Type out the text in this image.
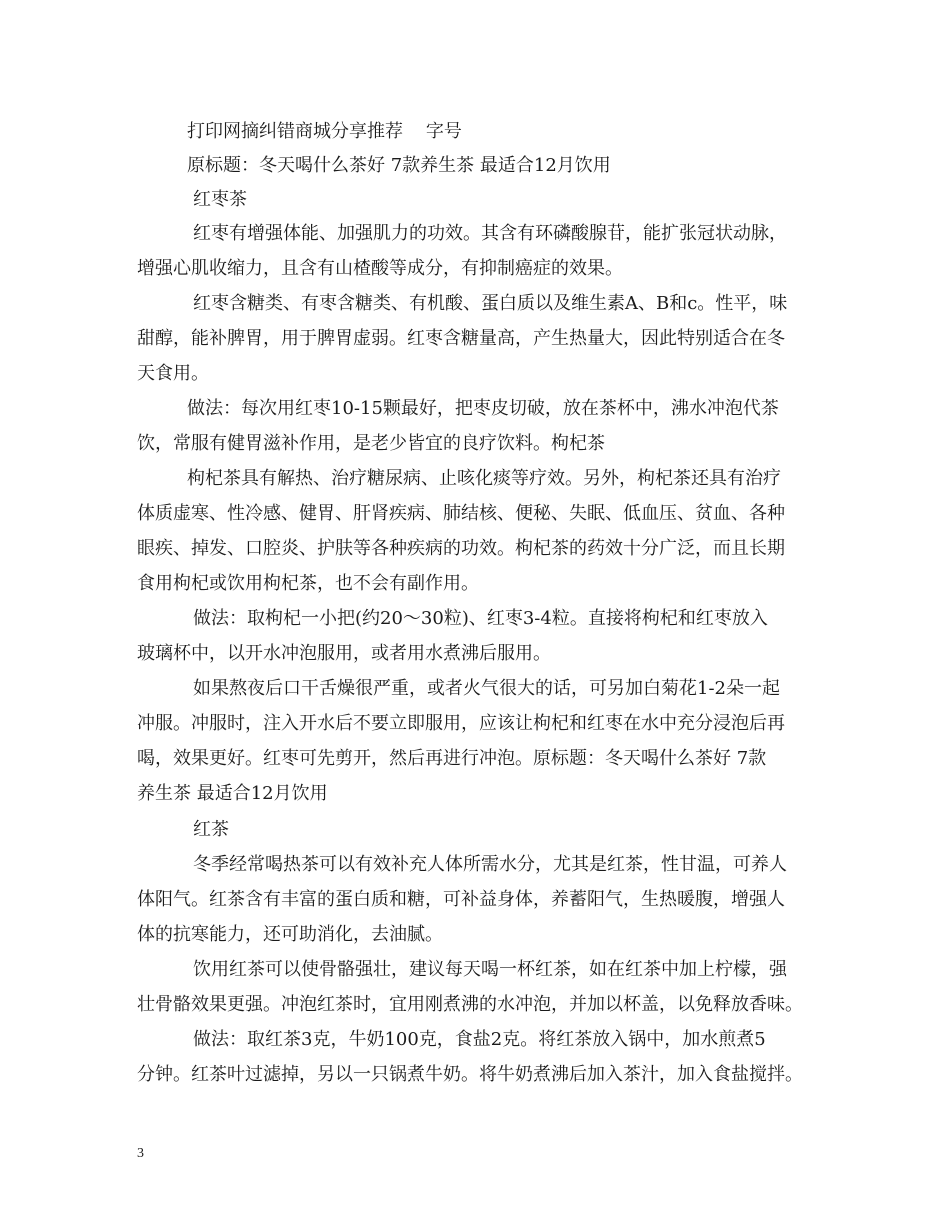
打印网摘纠错商城分享推荐    字号
原标题：冬天喝什么茶好 7款养生茶 最适合12月饮用
红枣茶
红枣有增强体能、加强肌力的功效。其含有环磷酸腺苷，能扩张冠状动脉，
增强心肌收缩力，且含有山楂酸等成分，有抑制癌症的效果。
红枣含糖类、有枣含糖类、有机酸、蛋白质以及维生素A、B和c。性平，味
甜醇，能补脾胃，用于脾胃虚弱。红枣含糖量高，产生热量大，因此特别适合在冬
天食用。
做法：每次用红枣10-15颗最好，把枣皮切破，放在茶杯中，沸水冲泡代茶
饮，常服有健胃滋补作用，是老少皆宜的良疗饮料。枸杞茶
枸杞茶具有解热、治疗糖尿病、止咳化痰等疗效。另外，枸杞茶还具有治疗
体质虚寒、性冷感、健胃、肝肾疾病、肺结核、便秘、失眠、低血压、贫血、各种
眼疾、掉发、口腔炎、护肤等各种疾病的功效。枸杞茶的药效十分广泛，而且长期
食用枸杞或饮用枸杞茶，也不会有副作用。
做法：取枸杞一小把(约20～30粒)、红枣3-4粒。直接将枸杞和红枣放入
玻璃杯中，以开水冲泡服用，或者用水煮沸后服用。
如果熬夜后口干舌燥很严重，或者火气很大的话，可另加白菊花1-2朵一起
冲服。冲服时，注入开水后不要立即服用，应该让枸杞和红枣在水中充分浸泡后再
喝，效果更好。红枣可先剪开，然后再进行冲泡。原标题：冬天喝什么茶好 7款
养生茶 最适合12月饮用
红茶
冬季经常喝热茶可以有效补充人体所需水分，尤其是红茶，性甘温，可养人
体阳气。红茶含有丰富的蛋白质和糖，可补益身体，养蓄阳气，生热暖腹，增强人
体的抗寒能力，还可助消化，去油腻。
饮用红茶可以使骨骼强壮，建议每天喝一杯红茶，如在红茶中加上柠檬，强
壮骨骼效果更强。冲泡红茶时，宜用刚煮沸的水冲泡，并加以杯盖，以免释放香味。
做法：取红茶3克，牛奶100克，食盐2克。将红茶放入锅中，加水煎煮5
分钟。红茶叶过滤掉，另以一只锅煮牛奶。将牛奶煮沸后加入茶汁，加入食盐搅拌。
3
